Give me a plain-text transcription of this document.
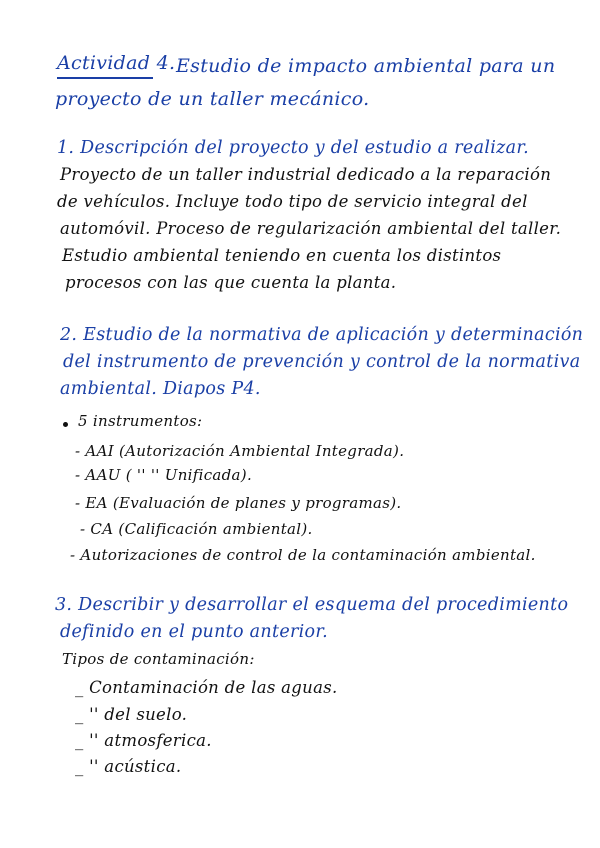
Actividad 4. Estudio de impacto ambiental para un
proyecto de un taller mecánico.
1. Descripción del proyecto y del estudio a realizar.
Proyecto de un taller industrial dedicado a la reparación
de vehículos. Incluye todo tipo de servicio integral del
automóvil. Proceso de regularización ambiental del taller.
Estudio ambiental teniendo en cuenta los distintos
procesos con las que cuenta la planta.
2. Estudio de la normativa de aplicación y determinación
del instrumento de prevención y control de la normativa
ambiental. Diapos P4.
5 instrumentos:
- AAI (Autorización Ambiental Integrada).
- AAU ( '' '' Unificada).
- EA (Evaluación de planes y programas).
- CA (Calificación ambiental).
- Autorizaciones de control de la contaminación ambiental.
3. Describir y desarrollar el esquema del procedimiento
definido en el punto anterior.
Tipos de contaminación:
_ Contaminación de las aguas.
_ '' del suelo.
_ '' atmosferica.
_ '' acústica.
